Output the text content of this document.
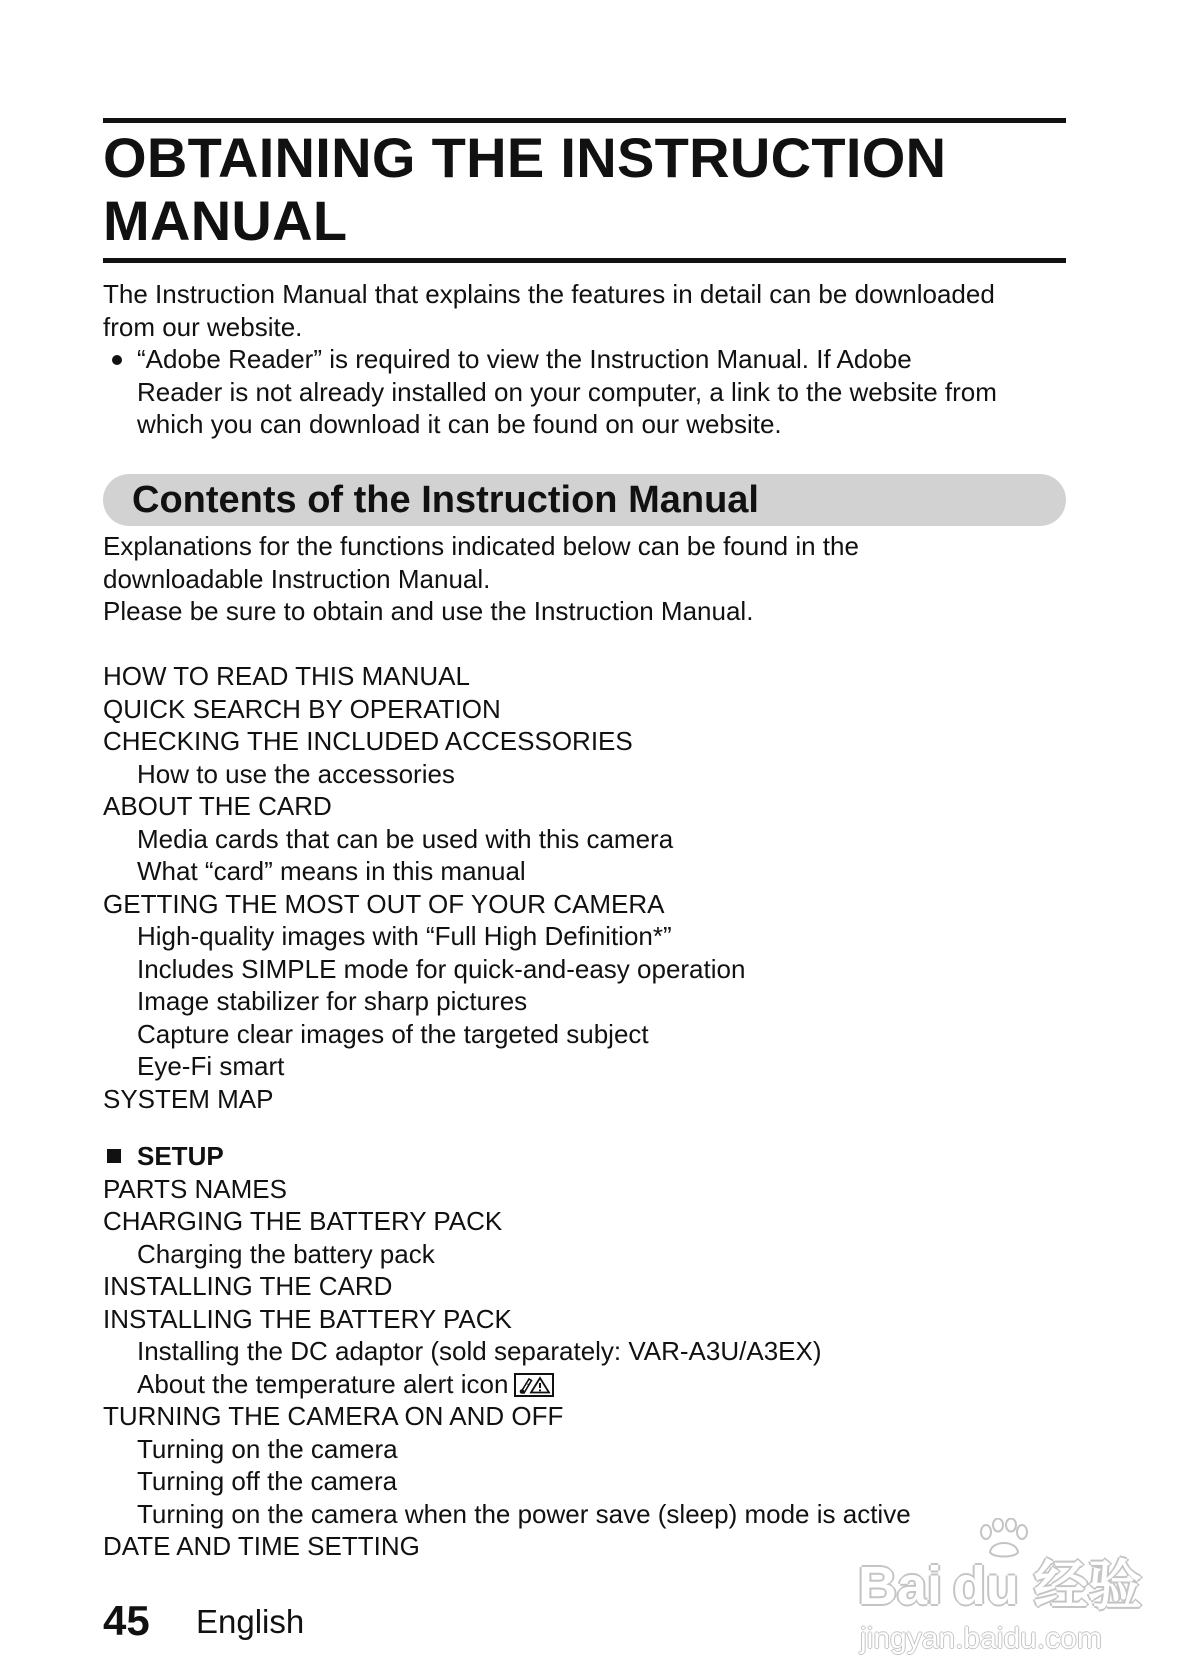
OBTAINING THE INSTRUCTION
MANUAL
The Instruction Manual that explains the features in detail can be downloaded
from our website.
“Adobe Reader” is required to view the Instruction Manual. If Adobe
Reader is not already installed on your computer, a link to the website from
which you can download it can be found on our website.
Contents of the Instruction Manual
Explanations for the functions indicated below can be found in the
downloadable Instruction Manual.
Please be sure to obtain and use the Instruction Manual.
HOW TO READ THIS MANUAL
QUICK SEARCH BY OPERATION
CHECKING THE INCLUDED ACCESSORIES
How to use the accessories
ABOUT THE CARD
Media cards that can be used with this camera
What “card” means in this manual
GETTING THE MOST OUT OF YOUR CAMERA
High-quality images with “Full High Definition*”
Includes SIMPLE mode for quick-and-easy operation
Image stabilizer for sharp pictures
Capture clear images of the targeted subject
Eye-Fi smart
SYSTEM MAP
SETUP
PARTS NAMES
CHARGING THE BATTERY PACK
Charging the battery pack
INSTALLING THE CARD
INSTALLING THE BATTERY PACK
Installing the DC adaptor (sold separately: VAR-A3U/A3EX)
About the temperature alert icon
TURNING THE CAMERA ON AND OFF
Turning on the camera
Turning off the camera
Turning on the camera when the power save (sleep) mode is active
DATE AND TIME SETTING
45 English
Bai du 经验
jingyan.baidu.com
